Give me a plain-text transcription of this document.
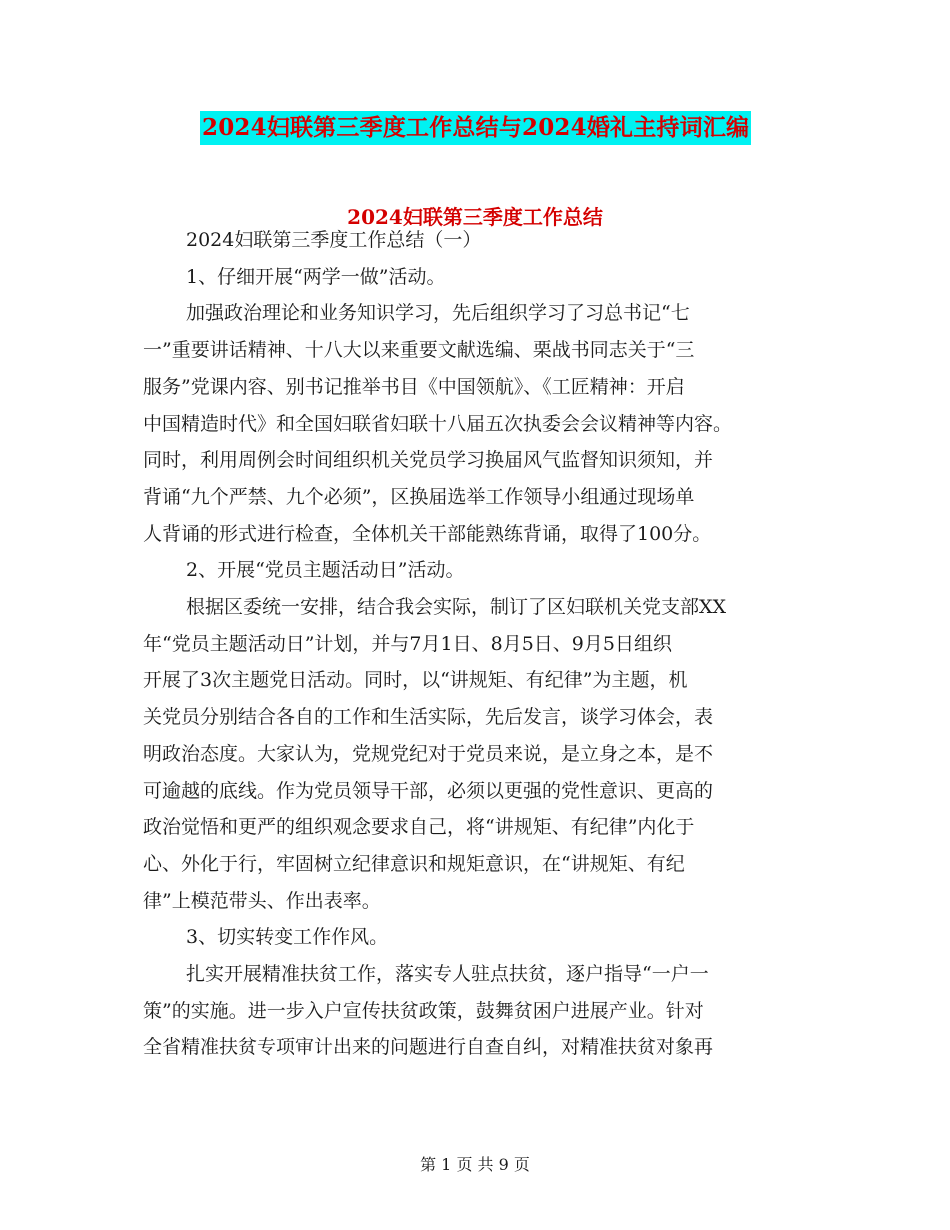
2024妇联第三季度工作总结与2024婚礼主持词汇编
2024妇联第三季度工作总结
2024妇联第三季度工作总结（一）
1、仔细开展“两学一做”活动。
加强政治理论和业务知识学习，先后组织学习了习总书记“七
一”重要讲话精神、十八大以来重要文献选编、栗战书同志关于“三
服务”党课内容、别书记推举书目《中国领航》、《工匠精神：开启
中国精造时代》和全国妇联省妇联十八届五次执委会会议精神等内容。
同时，利用周例会时间组织机关党员学习换届风气监督知识须知，并
背诵“九个严禁、九个必须”，区换届选举工作领导小组通过现场单
人背诵的形式进行检查，全体机关干部能熟练背诵，取得了100分。
2、开展“党员主题活动日”活动。
根据区委统一安排，结合我会实际，制订了区妇联机关党支部XX
年“党员主题活动日”计划，并与7月1日、8月5日、9月5日组织
开展了3次主题党日活动。同时，以“讲规矩、有纪律”为主题，机
关党员分别结合各自的工作和生活实际，先后发言，谈学习体会，表
明政治态度。大家认为，党规党纪对于党员来说，是立身之本，是不
可逾越的底线。作为党员领导干部，必须以更强的党性意识、更高的
政治觉悟和更严的组织观念要求自己，将“讲规矩、有纪律”内化于
心、外化于行，牢固树立纪律意识和规矩意识，在“讲规矩、有纪
律”上模范带头、作出表率。
3、切实转变工作作风。
扎实开展精准扶贫工作，落实专人驻点扶贫，逐户指导“一户一
策”的实施。进一步入户宣传扶贫政策，鼓舞贫困户进展产业。针对
全省精准扶贫专项审计出来的问题进行自查自纠，对精准扶贫对象再
第 1 页 共 9 页
